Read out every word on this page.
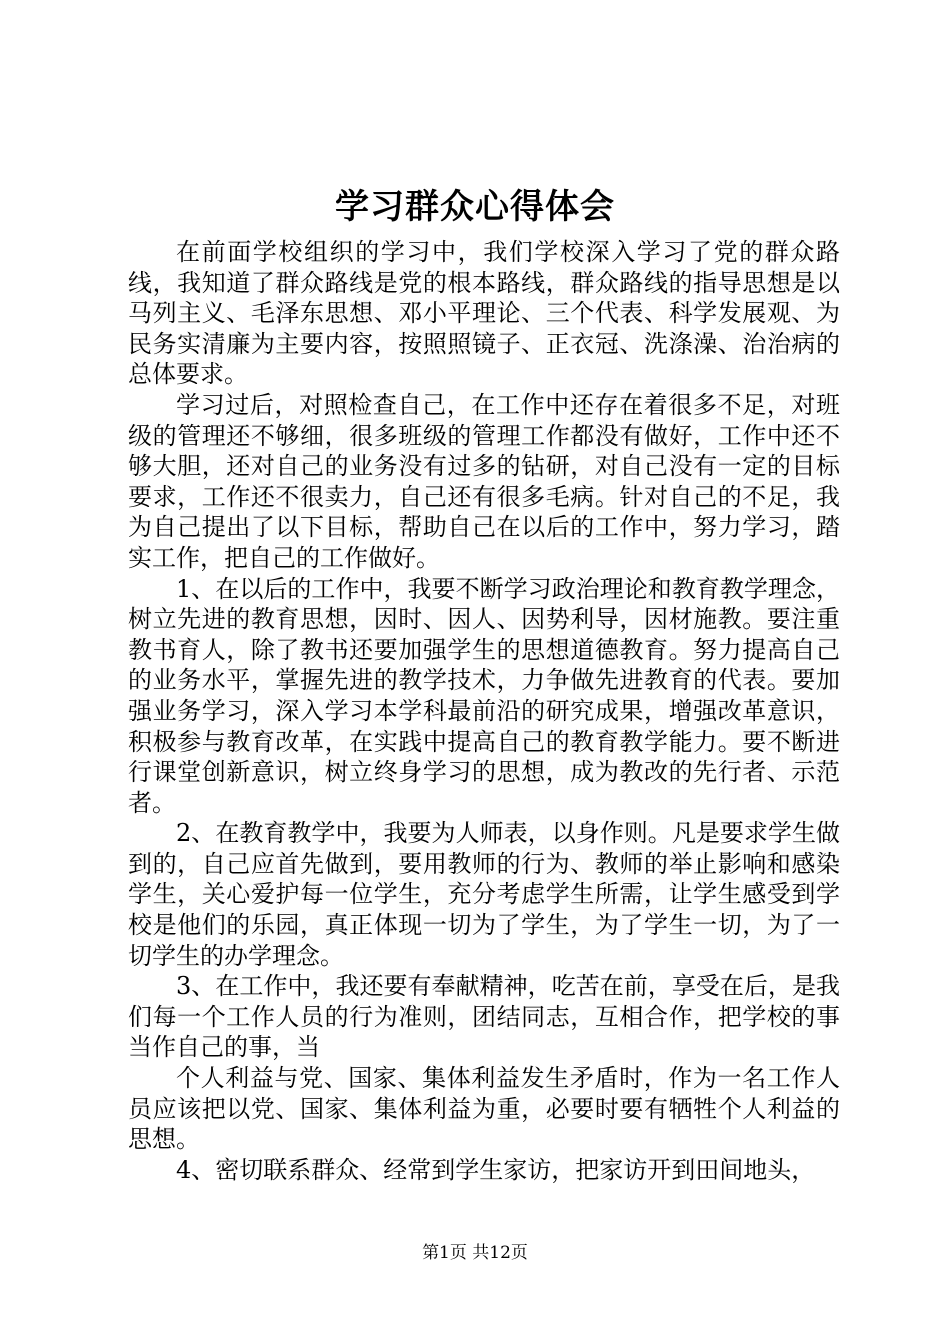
学习群众心得体会

在前面学校组织的学习中，我们学校深入学习了党的群众路线，我知道了群众路线是党的根本路线，群众路线的指导思想是以马列主义、毛泽东思想、邓小平理论、三个代表、科学发展观、为民务实清廉为主要内容，按照照镜子、正衣冠、洗涤澡、治治病的总体要求。

学习过后，对照检查自己，在工作中还存在着很多不足，对班级的管理还不够细，很多班级的管理工作都没有做好，工作中还不够大胆，还对自己的业务没有过多的钻研，对自己没有一定的目标要求，工作还不很卖力，自己还有很多毛病。针对自己的不足，我为自己提出了以下目标，帮助自己在以后的工作中，努力学习，踏实工作，把自己的工作做好。

1、在以后的工作中，我要不断学习政治理论和教育教学理念，树立先进的教育思想，因时、因人、因势利导，因材施教。要注重教书育人，除了教书还要加强学生的思想道德教育。努力提高自己的业务水平，掌握先进的教学技术，力争做先进教育的代表。要加强业务学习，深入学习本学科最前沿的研究成果，增强改革意识，积极参与教育改革，在实践中提高自己的教育教学能力。要不断进行课堂创新意识，树立终身学习的思想，成为教改的先行者、示范者。

2、在教育教学中，我要为人师表，以身作则。凡是要求学生做到的，自己应首先做到，要用教师的行为、教师的举止影响和感染学生，关心爱护每一位学生，充分考虑学生所需，让学生感受到学校是他们的乐园，真正体现一切为了学生，为了学生一切，为了一切学生的办学理念。

3、在工作中，我还要有奉献精神，吃苦在前，享受在后，是我们每一个工作人员的行为准则，团结同志，互相合作，把学校的事当作自己的事，当

个人利益与党、国家、集体利益发生矛盾时，作为一名工作人员应该把以党、国家、集体利益为重，必要时要有牺牲个人利益的思想。

4、密切联系群众、经常到学生家访，把家访开到田间地头，

第1页 共12页
